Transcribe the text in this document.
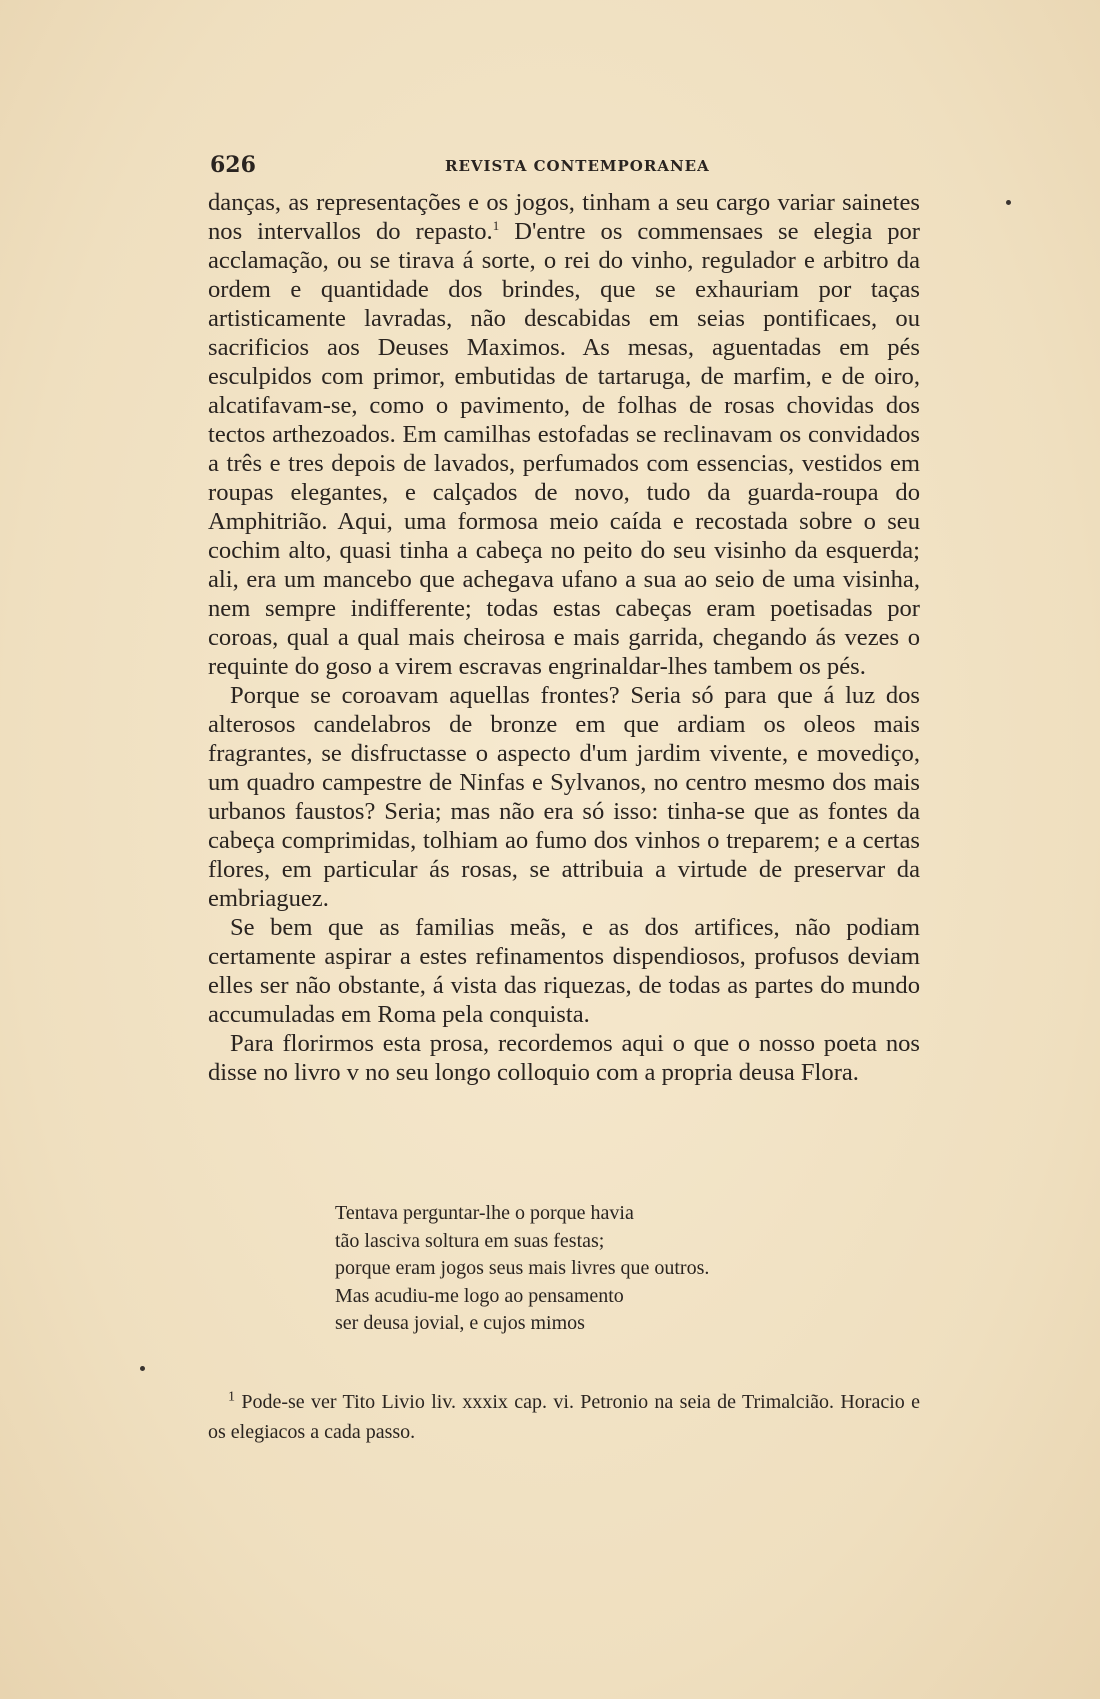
626	REVISTA CONTEMPORANEA

danças, as representações e os jogos, tinham a seu cargo variar sainetes nos intervallos do repasto.$^1$ D'entre os commensaes se elegia por acclamação, ou se tirava á sorte, o rei do vinho, regulador e arbitro da ordem e quantidade dos brindes, que se exhauriam por taças artisticamente lavradas, não descabidas em seias pontificaes, ou sacrificios aos Deuses Maximos. As mesas, aguentadas em pés esculpidos com primor, embutidas de tartaruga, de marfim, e de oiro, alcatifavam-se, como o pavimento, de folhas de rosas chovidas dos tectos arthezoados. Em camilhas estofadas se reclinavam os convidados a três e tres depois de lavados, perfumados com essencias, vestidos em roupas elegantes, e calçados de novo, tudo da guarda-roupa do Amphitrião. Aqui, uma formosa meio caída e recostada sobre o seu cochim alto, quasi tinha a cabeça no peito do seu visinho da esquerda; ali, era um mancebo que achegava ufano a sua ao seio de uma visinha, nem sempre indifferente; todas estas cabeças eram poetisadas por coroas, qual a qual mais cheirosa e mais garrida, chegando ás vezes o requinte do goso a virem escravas engrinaldar-lhes tambem os pés.

Porque se coroavam aquellas frontes? Seria só para que á luz dos alterosos candelabros de bronze em que ardiam os oleos mais fragrantes, se disfructasse o aspecto d'um jardim vivente, e movediço, um quadro campestre de Ninfas e Sylvanos, no centro mesmo dos mais urbanos faustos? Seria; mas não era só isso: tinha-se que as fontes da cabeça comprimidas, tolhiam ao fumo dos vinhos o treparem; e a certas flores, em particular ás rosas, se attribuia a virtude de preservar da embriaguez.

Se bem que as familias meãs, e as dos artifices, não podiam certamente aspirar a estes refinamentos dispendiosos, profusos deviam elles ser não obstante, á vista das riquezas, de todas as partes do mundo accumuladas em Roma pela conquista.

Para florirmos esta prosa, recordemos aqui o que o nosso poeta nos disse no livro v no seu longo colloquio com a propria deusa Flora.

Tentava perguntar-lhe o porque havia
tão lasciva soltura em suas festas;
porque eram jogos seus mais livres que outros.
Mas acudiu-me logo ao pensamento
ser deusa jovial, e cujos mimos
$^1$ Pode-se ver Tito Livio liv. xxxix cap. vi. Petronio na seia de Trimalcião. Horacio e os elegiacos a cada passo.
